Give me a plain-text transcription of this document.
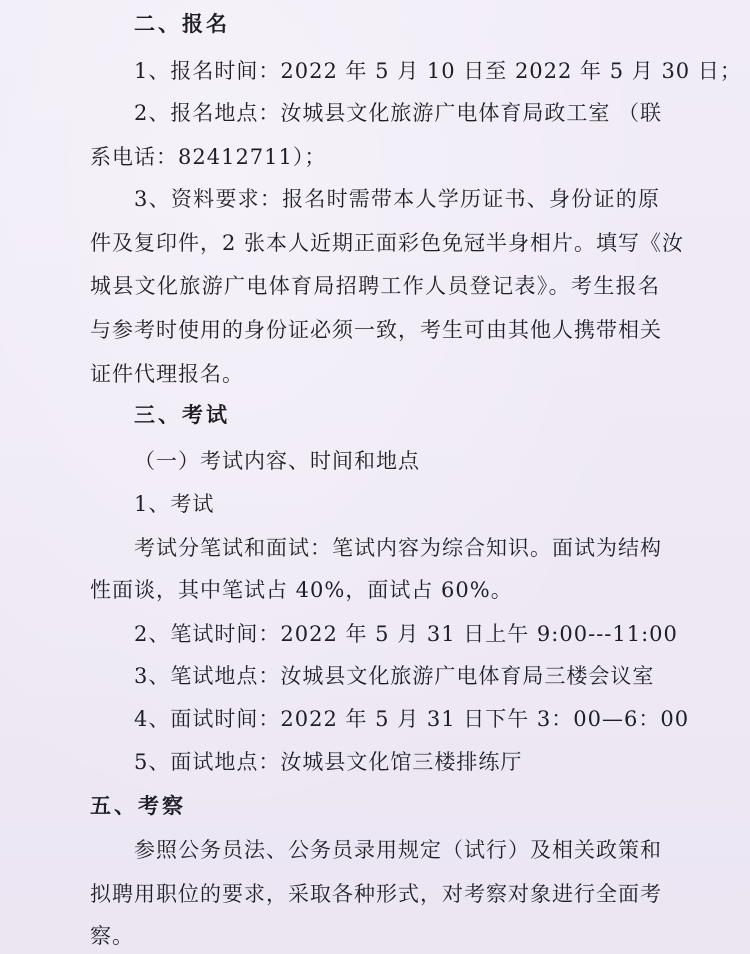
二、报名
1、报名时间：2022 年 5 月 10 日至 2022 年 5 月 30 日；
2、报名地点：汝城县文化旅游广电体育局政工室 （联
系电话：82412711）；
3、资料要求：报名时需带本人学历证书、身份证的原
件及复印件，2 张本人近期正面彩色免冠半身相片。填写《汝
城县文化旅游广电体育局招聘工作人员登记表》。考生报名
与参考时使用的身份证必须一致，考生可由其他人携带相关
证件代理报名。
三、考试
（一）考试内容、时间和地点
1、考试
考试分笔试和面试：笔试内容为综合知识。面试为结构
性面谈，其中笔试占 40%，面试占 60%。
2、笔试时间：2022 年 5 月 31 日上午 9:00---11:00
3、笔试地点：汝城县文化旅游广电体育局三楼会议室
4、面试时间：2022 年 5 月 31 日下午 3：00—6：00
5、面试地点：汝城县文化馆三楼排练厅
五、考察
参照公务员法、公务员录用规定（试行）及相关政策和
拟聘用职位的要求，采取各种形式，对考察对象进行全面考
察。
